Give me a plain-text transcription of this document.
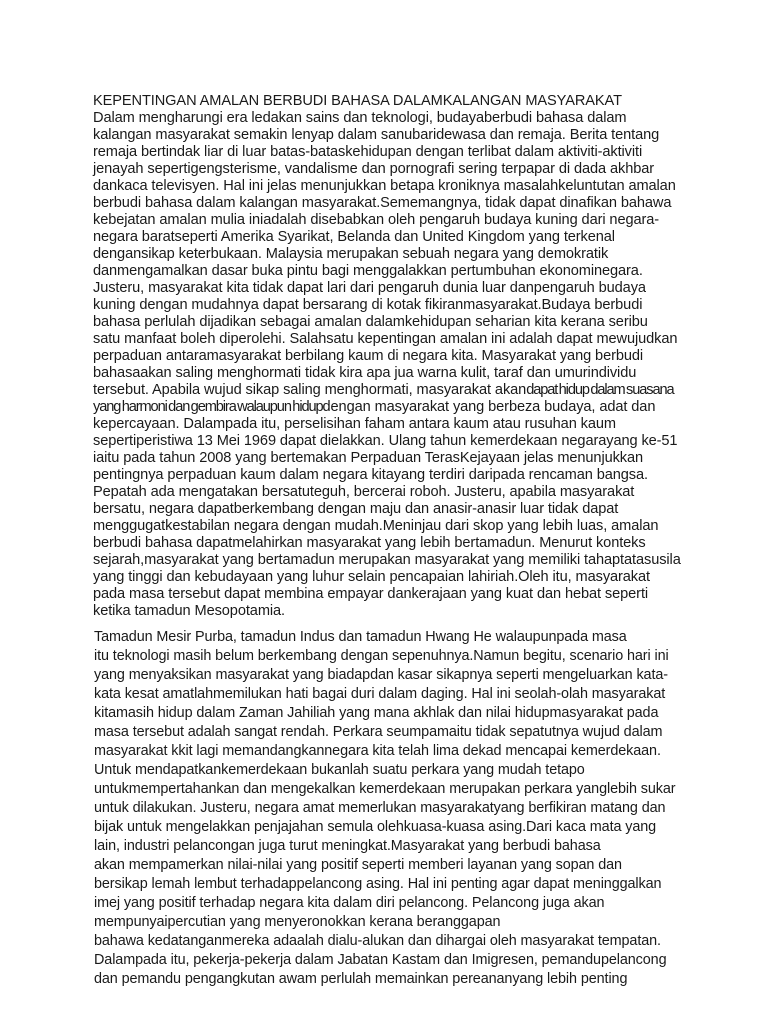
KEPENTINGAN AMALAN BERBUDI BAHASA DALAMKALANGAN MASYARAKAT
Dalam mengharungi era ledakan sains dan teknologi, budayaberbudi bahasa dalam
kalangan masyarakat semakin lenyap dalam sanubaridewasa dan remaja. Berita tentang
remaja bertindak liar di luar batas-bataskehidupan dengan terlibat dalam aktiviti-aktiviti
jenayah sepertigengsterisme, vandalisme dan pornografi sering terpapar di dada akhbar
dankaca televisyen. Hal ini jelas menunjukkan betapa kroniknya masalahkeluntutan amalan
berbudi bahasa dalam kalangan masyarakat.Sememangnya, tidak dapat dinafikan bahawa
kebejatan amalan mulia iniadalah disebabkan oleh pengaruh budaya kuning dari negara-
negara baratseperti Amerika Syarikat, Belanda dan United Kingdom yang terkenal
dengansikap keterbukaan. Malaysia merupakan sebuah negara yang demokratik
danmengamalkan dasar buka pintu bagi menggalakkan pertumbuhan ekonominegara.
Justeru, masyarakat kita tidak dapat lari dari pengaruh dunia luar danpengaruh budaya
kuning dengan mudahnya dapat bersarang di kotak fikiranmasyarakat.Budaya berbudi
bahasa perlulah dijadikan sebagai amalan dalamkehidupan seharian kita kerana seribu
satu manfaat boleh diperolehi. Salahsatu kepentingan amalan ini adalah dapat mewujudkan
perpaduan antaramasyarakat berbilang kaum di negara kita. Masyarakat yang berbudi
bahasaakan saling menghormati tidak kira apa jua warna kulit, taraf dan umurindividu
tersebut. Apabila wujud sikap saling menghormati, masyarakat akandapat hidup dalam suasana
yang harmoni dan gembira walaupun hidupdengan masyarakat yang berbeza budaya, adat dan
kepercayaan. Dalampada itu, perselisihan faham antara kaum atau rusuhan kaum
sepertiperistiwa 13 Mei 1969 dapat dielakkan. Ulang tahun kemerdekaan negarayang ke-51
iaitu pada tahun 2008 yang bertemakan Perpaduan TerasKejayaan jelas menunjukkan
pentingnya perpaduan kaum dalam negara kitayang terdiri daripada rencaman bangsa.
Pepatah ada mengatakan bersatuteguh, bercerai roboh. Justeru, apabila masyarakat
bersatu, negara dapatberkembang dengan maju dan anasir-anasir luar tidak dapat
menggugatkestabilan negara dengan mudah.Meninjau dari skop yang lebih luas, amalan
berbudi bahasa dapatmelahirkan masyarakat yang lebih bertamadun. Menurut konteks
sejarah,masyarakat yang bertamadun merupakan masyarakat yang memiliki tahaptatasusila
yang tinggi dan kebudayaan yang luhur selain pencapaian lahiriah.Oleh itu, masyarakat
pada masa tersebut dapat membina empayar dankerajaan yang kuat dan hebat seperti
ketika tamadun Mesopotamia.
Tamadun Mesir Purba, tamadun Indus dan tamadun Hwang He walaupunpada masa
itu teknologi masih belum berkembang dengan sepenuhnya.Namun begitu, scenario hari ini
yang menyaksikan masyarakat yang biadapdan kasar sikapnya seperti mengeluarkan kata-
kata kesat amatlahmemilukan hati bagai duri dalam daging. Hal ini seolah-olah masyarakat
kitamasih hidup dalam Zaman Jahiliah yang mana akhlak dan nilai hidupmasyarakat pada
masa tersebut adalah sangat rendah. Perkara seumpamaitu tidak sepatutnya wujud dalam
masyarakat kkit lagi memandangkannegara kita telah lima dekad mencapai kemerdekaan.
Untuk mendapatkankemerdekaan bukanlah suatu perkara yang mudah tetapo
untukmempertahankan dan mengekalkan kemerdekaan merupakan perkara yanglebih sukar
untuk dilakukan. Justeru, negara amat memerlukan masyarakatyang berfikiran matang dan
bijak untuk mengelakkan penjajahan semula olehkuasa-kuasa asing.Dari kaca mata yang
lain, industri pelancongan juga turut meningkat.Masyarakat yang berbudi bahasa
akan mempamerkan nilai-nilai yang positif seperti memberi layanan yang sopan dan
bersikap lemah lembut terhadappelancong asing. Hal ini penting agar dapat meninggalkan
imej yang positif terhadap negara kita dalam diri pelancong. Pelancong juga akan
mempunyaipercutian yang menyeronokkan kerana beranggapan
bahawa kedatanganmereka adaalah dialu-alukan dan dihargai oleh masyarakat tempatan.
Dalampada itu, pekerja-pekerja dalam Jabatan Kastam dan Imigresen, pemandupelancong
dan pemandu pengangkutan awam perlulah memainkan pereananyang lebih penting
